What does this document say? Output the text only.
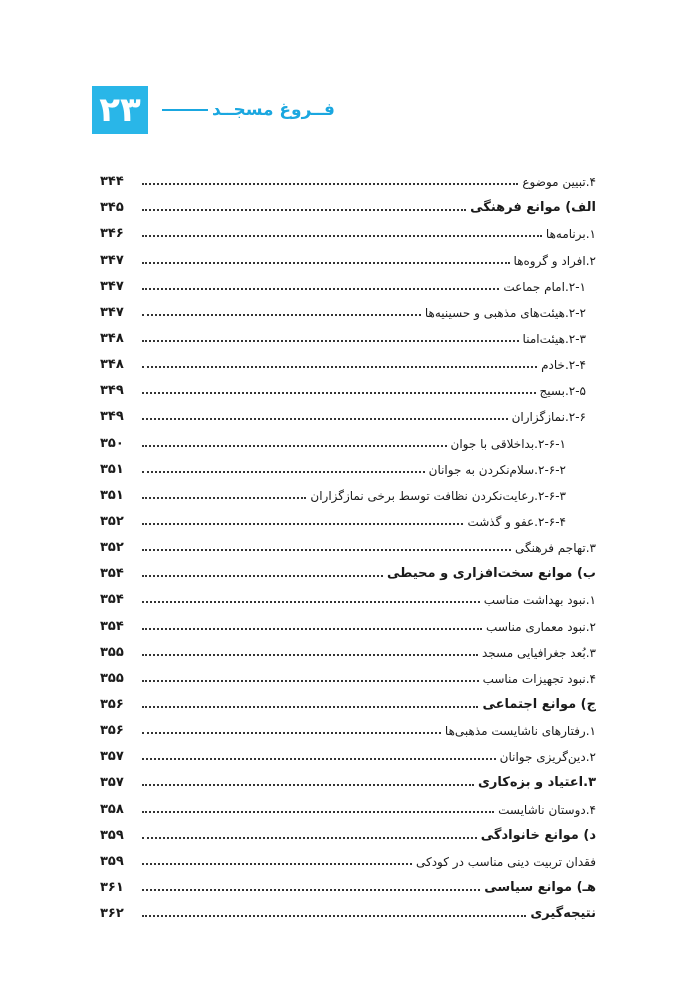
۲۳	فــروغ مسجــد
۴.تبیین موضوع
۳۴۴
الف) موانع فرهنگی
۳۴۵
۱.برنامه‌ها
۳۴۶
۲.افراد و گروه‌ها
۳۴۷
۲-۱.امام جماعت
۳۴۷
۲-۲.هیئت‌های مذهبی و حسینیه‌ها
۳۴۷
۲-۳.هیئت‌امنا
۳۴۸
۲-۴.خادم
۳۴۸
۲-۵.بسیج
۳۴۹
۲-۶.نمازگزاران
۳۴۹
۲-۶-۱.بداخلاقی با جوان
۳۵۰
۲-۶-۲.سلام‌نکردن به جوانان
۳۵۱
۲-۶-۳.رعایت‌نکردن نظافت توسط برخی نمازگزاران
۳۵۱
۲-۶-۴.عفو و گذشت
۳۵۲
۳.تهاجم فرهنگی
۳۵۲
ب) موانع سخت‌افزاری و محیطی
۳۵۴
۱.نبود بهداشت مناسب
۳۵۴
۲.نبود معماری مناسب
۳۵۴
۳.بُعد جغرافیایی مسجد
۳۵۵
۴.نبود تجهیزات مناسب
۳۵۵
ج) موانع اجتماعی
۳۵۶
۱.رفتارهای ناشایست مذهبی‌ها
۳۵۶
۲.دین‌گریزی جوانان
۳۵۷
۳.اعتیاد و بزه‌کاری
۳۵۷
۴.دوستان ناشایست
۳۵۸
د) موانع خانوادگی
۳۵۹
فقدان تربیت دینی مناسب در کودکی
۳۵۹
هـ) موانع سیاسی
۳۶۱
نتیجه‌گیری
۳۶۲
